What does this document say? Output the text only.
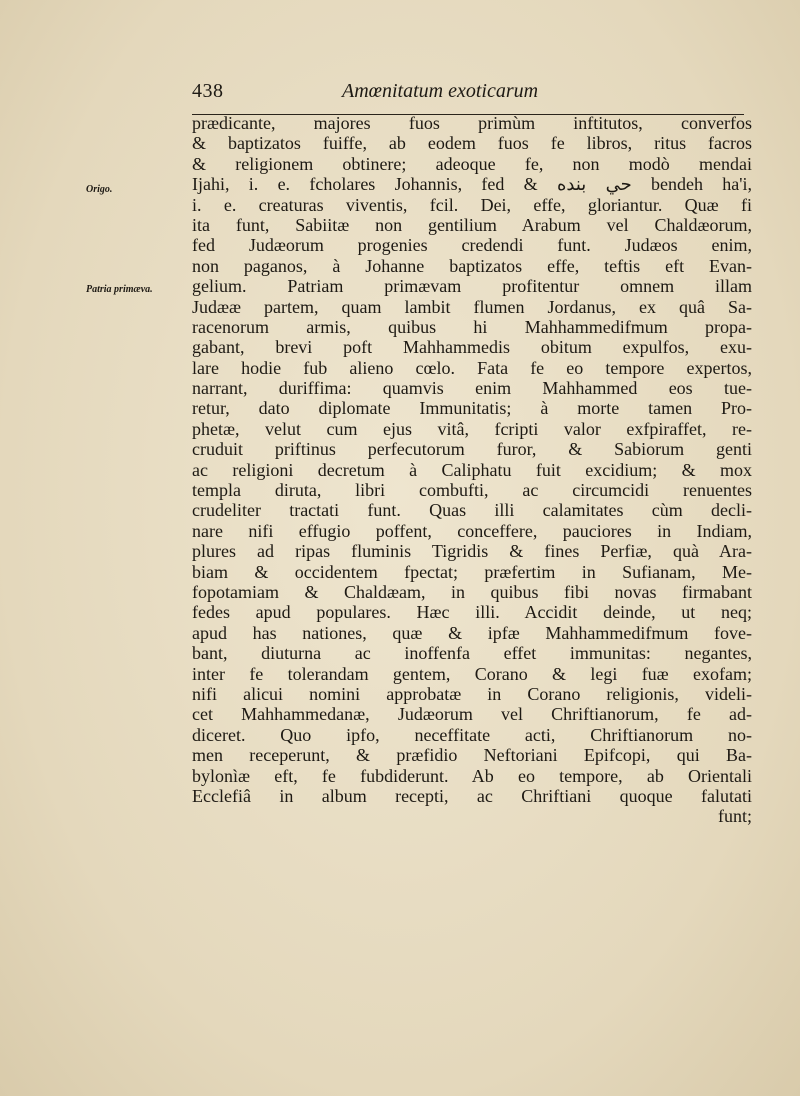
438	Amœnitatum exoticarum
Origo.
Patria primæva.
prædicante, majores fuos primùm inftitutos, converfos
& baptizatos fuiffe, ab eodem fuos fe libros, ritus facros
& religionem obtinere; adeoque fe, non modò mendai
Ijahi, i. e. fcholares Johannis, fed & حي بنده bendeh ha'i,
i. e. creaturas viventis, fcil. Dei, effe, gloriantur. Quæ fi
ita funt, Sabiitæ non gentilium Arabum vel Chaldæorum,
fed Judæorum progenies credendi funt. Judæos enim,
non paganos, à Johanne baptizatos effe, teftis eft Evan-
gelium. Patriam primævam profitentur omnem illam
Judææ partem, quam lambit flumen Jordanus, ex quâ Sa-
racenorum armis, quibus hi Mahhammedifmum propa-
gabant, brevi poft Mahhammedis obitum expulfos, exu-
lare hodie fub alieno cœlo. Fata fe eo tempore expertos,
narrant, duriffima: quamvis enim Mahhammed eos tue-
retur, dato diplomate Immunitatis; à morte tamen Pro-
phetæ, velut cum ejus vitâ, fcripti valor exfpiraffet, re-
cruduit priftinus perfecutorum furor, & Sabiorum genti
ac religioni decretum à Caliphatu fuit excidium; & mox
templa diruta, libri combufti, ac circumcidi renuentes
crudeliter tractati funt. Quas illi calamitates cùm decli-
nare nifi effugio poffent, conceffere, pauciores in Indiam,
plures ad ripas fluminis Tigridis & fines Perfiæ, quà Ara-
biam & occidentem fpectat; præfertim in Sufianam, Me-
fopotamiam & Chaldæam, in quibus fibi novas firmabant
fedes apud populares. Hæc illi. Accidit deinde, ut neq;
apud has nationes, quæ & ipfæ Mahhammedifmum fove-
bant, diuturna ac inoffenfa effet immunitas: negantes,
inter fe tolerandam gentem, Corano & legi fuæ exofam;
nifi alicui nomini approbatæ in Corano religionis, videli-
cet Mahhammedanæ, Judæorum vel Chriftianorum, fe ad-
diceret. Quo ipfo, neceffitate acti, Chriftianorum no-
men receperunt, & præfidio Neftoriani Epifcopi, qui Ba-
bylonìæ eft, fe fubdiderunt. Ab eo tempore, ab Orientali
Ecclefiâ in album recepti, ac Chriftiani quoque falutati
funt;
